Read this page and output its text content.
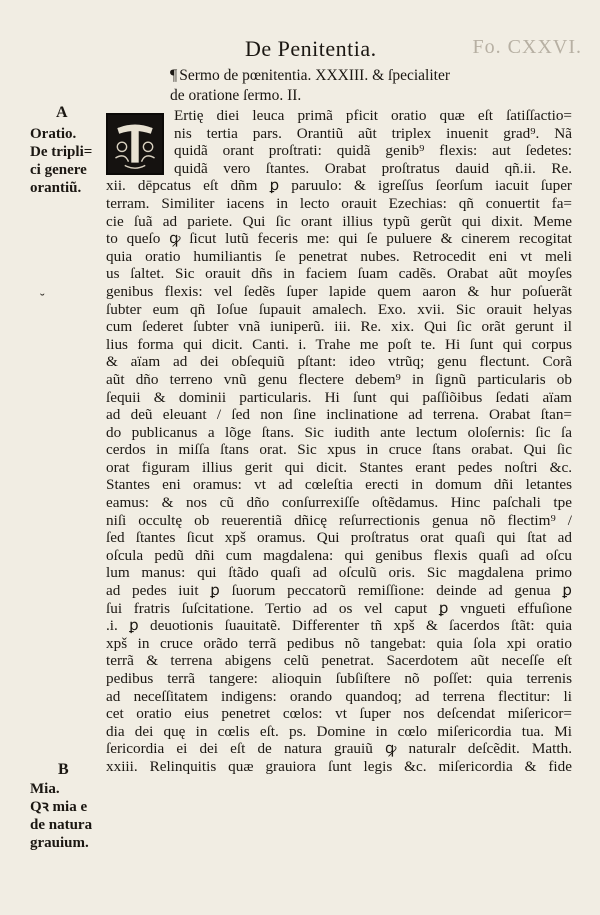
De Penitentia.	Fo. CXXVI.
¶ Sermo de pœnitentia. XXXIII. & ſpecialiter
de oratione ſermo. II.
A
Oratio.
De tripli=
ci genere
orantiũ.
B
Mia.
Qꝛ mia e
de natura
grauium.
˘
Ertię diei leuca primã pficit oratio quæ eſt ſatiſſactio=
nis tertia pars. Orantiũ aũt triplex inuenit grad⁹. Nã
quidã orant proſtrati: quidã genib⁹ flexis: aut ſedetes:
quidã vero ſtantes. Orabat proſtratus dauid qñ.ii. Re.
xii. dēpcatus eſt dñm ꝑ paruulo: & igreſſus ſeorſum iacuit ſuper
terram. Similiter iacens in lecto orauit Ezechias: qñ conuertit fa=
cie ſuã ad pariete. Qui ſic orant illius typũ gerũt qui dixit. Meme
to queſo ꝙ ſicut lutũ feceris me: qui ſe puluere & cinerem recogitat
quia oratio humiliantis ſe penetrat nubes. Retrocedit eni vt meli
us ſaltet. Sic orauit dñs in faciem ſuam cadẽs. Orabat aũt moyſes
genibus flexis: vel ſedẽs ſuper lapide quem aaron & hur poſuerãt
ſubter eum qñ Ioſue ſupauit amalech. Exo. xvii. Sic orauit helyas
cum ſederet ſubter vnã iuniperũ. iii. Re. xix. Qui ſic orãt gerunt il
lius forma qui dicit. Canti. i. Trahe me poſt te. Hi ſunt qui corpus
& aïam ad dei obſequiũ pſtant: ideo vtrũq; genu flectunt. Corã
aũt dño terreno vnũ genu flectere debem⁹ in ſignũ particularis ob
ſequii & dominii particularis. Hi ſunt qui paſſiõibus ſedati aïam
ad deũ eleuant / ſed non ſine inclinatione ad terrena. Orabat ſtan=
do publicanus a lõge ſtans. Sic iudith ante lectum oloſernis: ſic ſa
cerdos in miſſa ſtans orat. Sic xpus in cruce ſtans orabat. Qui ſic
orat figuram illius gerit qui dicit. Stantes erant pedes noſtri &c.
Stantes eni oramus: vt ad cœleſtia erecti in domum dñi letantes
eamus: & nos cũ dño conſurrexiſſe oſtẽdamus. Hinc paſchali tpe
niſi occultę ob reuerentiã dñicę reſurrectionis genua nõ flectim⁹ /
ſed ſtantes ſicut xpš oramus. Qui proſtratus orat quaſi qui ſtat ad
oſcula pedũ dñi cum magdalena: qui genibus flexis quaſi ad oſcu
lum manus: qui ſtãdo quaſi ad oſculũ oris. Sic magdalena primo
ad pedes iuit ꝑ ſuorum peccatorũ remiſſione: deinde ad genua ꝑ
ſui fratris ſuſcitatione. Tertio ad os vel caput ꝑ vngueti effuſione
.i. ꝑ deuotionis ſuauitatẽ. Differenter tñ xpš & ſacerdos ſtãt: quia
xpš in cruce orãdo terrã pedibus nõ tangebat: quia ſola xpi oratio
terrã & terrena abigens celũ penetrat. Sacerdotem aũt neceſſe eſt
pedibus terrã tangere: alioquin ſubſiſtere nõ poſſet: quia terrenis
ad neceſſitatem indigens: orando quandoq; ad terrena flectitur: li
cet oratio eius penetret cœlos: vt ſuper nos deſcendat miſericor=
dia dei quę in cœlis eſt. ps. Domine in cœlo miſericordia tua. Mi
ſericordia ei dei eſt de natura grauiũ ꝙ naturalr deſcẽdit. Matth.
xxiii. Relinquitis quæ grauiora ſunt legis &c. miſericordia & fide
